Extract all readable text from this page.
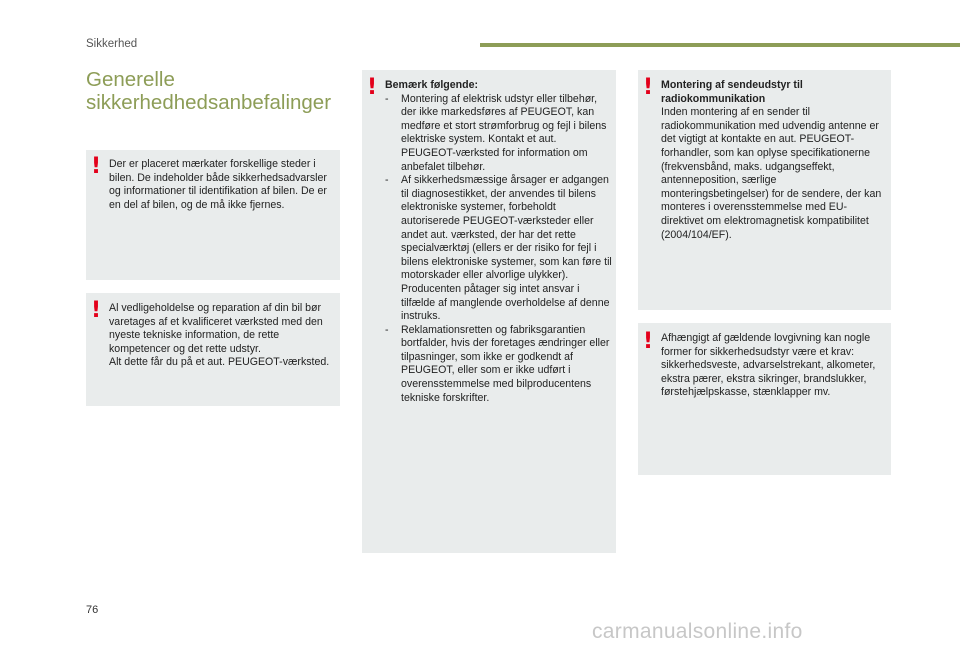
Sikkerhed
Generelle
sikkerhedhedsanbefalinger
! Der er placeret mærkater forskellige steder i bilen. De indeholder både sikkerhedsadvarsler og informationer til identifikation af bilen. De er en del af bilen, og de må ikke fjernes.
! Al vedligeholdelse og reparation af din bil bør varetages af et kvalificeret værksted med den nyeste tekniske information, de rette kompetencer og det rette udstyr.
Alt dette får du på et aut. PEUGEOT-værksted.
! Bemærk følgende:
-	Montering af elektrisk udstyr eller tilbehør, der ikke markedsføres af PEUGEOT, kan medføre et stort strømforbrug og fejl i bilens elektriske system. Kontakt et aut. PEUGEOT-værksted for information om anbefalet tilbehør.
-	Af sikkerhedsmæssige årsager er adgangen til diagnosestikket, der anvendes til bilens elektroniske systemer, forbeholdt autoriserede PEUGEOT-værksteder eller andet aut. værksted, der har det rette specialværktøj (ellers er der risiko for fejl i bilens elektroniske systemer, som kan føre til motorskader eller alvorlige ulykker). Producenten påtager sig intet ansvar i tilfælde af manglende overholdelse af denne instruks.
-	Reklamationsretten og fabriksgarantien bortfalder, hvis der foretages ændringer eller tilpasninger, som ikke er godkendt af PEUGEOT, eller som er ikke udført i overensstemmelse med bilproducentens tekniske forskrifter.
! Montering af sendeudstyr til radiokommunikation
Inden montering af en sender til radiokommunikation med udvendig antenne er det vigtigt at kontakte en aut. PEUGEOT-forhandler, som kan oplyse specifikationerne (frekvensbånd, maks. udgangseffekt, antenneposition, særlige monteringsbetingelser) for de sendere, der kan monteres i overensstemmelse med EU-direktivet om elektromagnetisk kompatibilitet (2004/104/EF).
! Afhængigt af gældende lovgivning kan nogle former for sikkerhedsudstyr være et krav: sikkerhedsveste, advarselstrekant, alkometer, ekstra pærer, ekstra sikringer, brandslukker, førstehjælpskasse, stænklapper mv.
76
carmanualsonline.info
